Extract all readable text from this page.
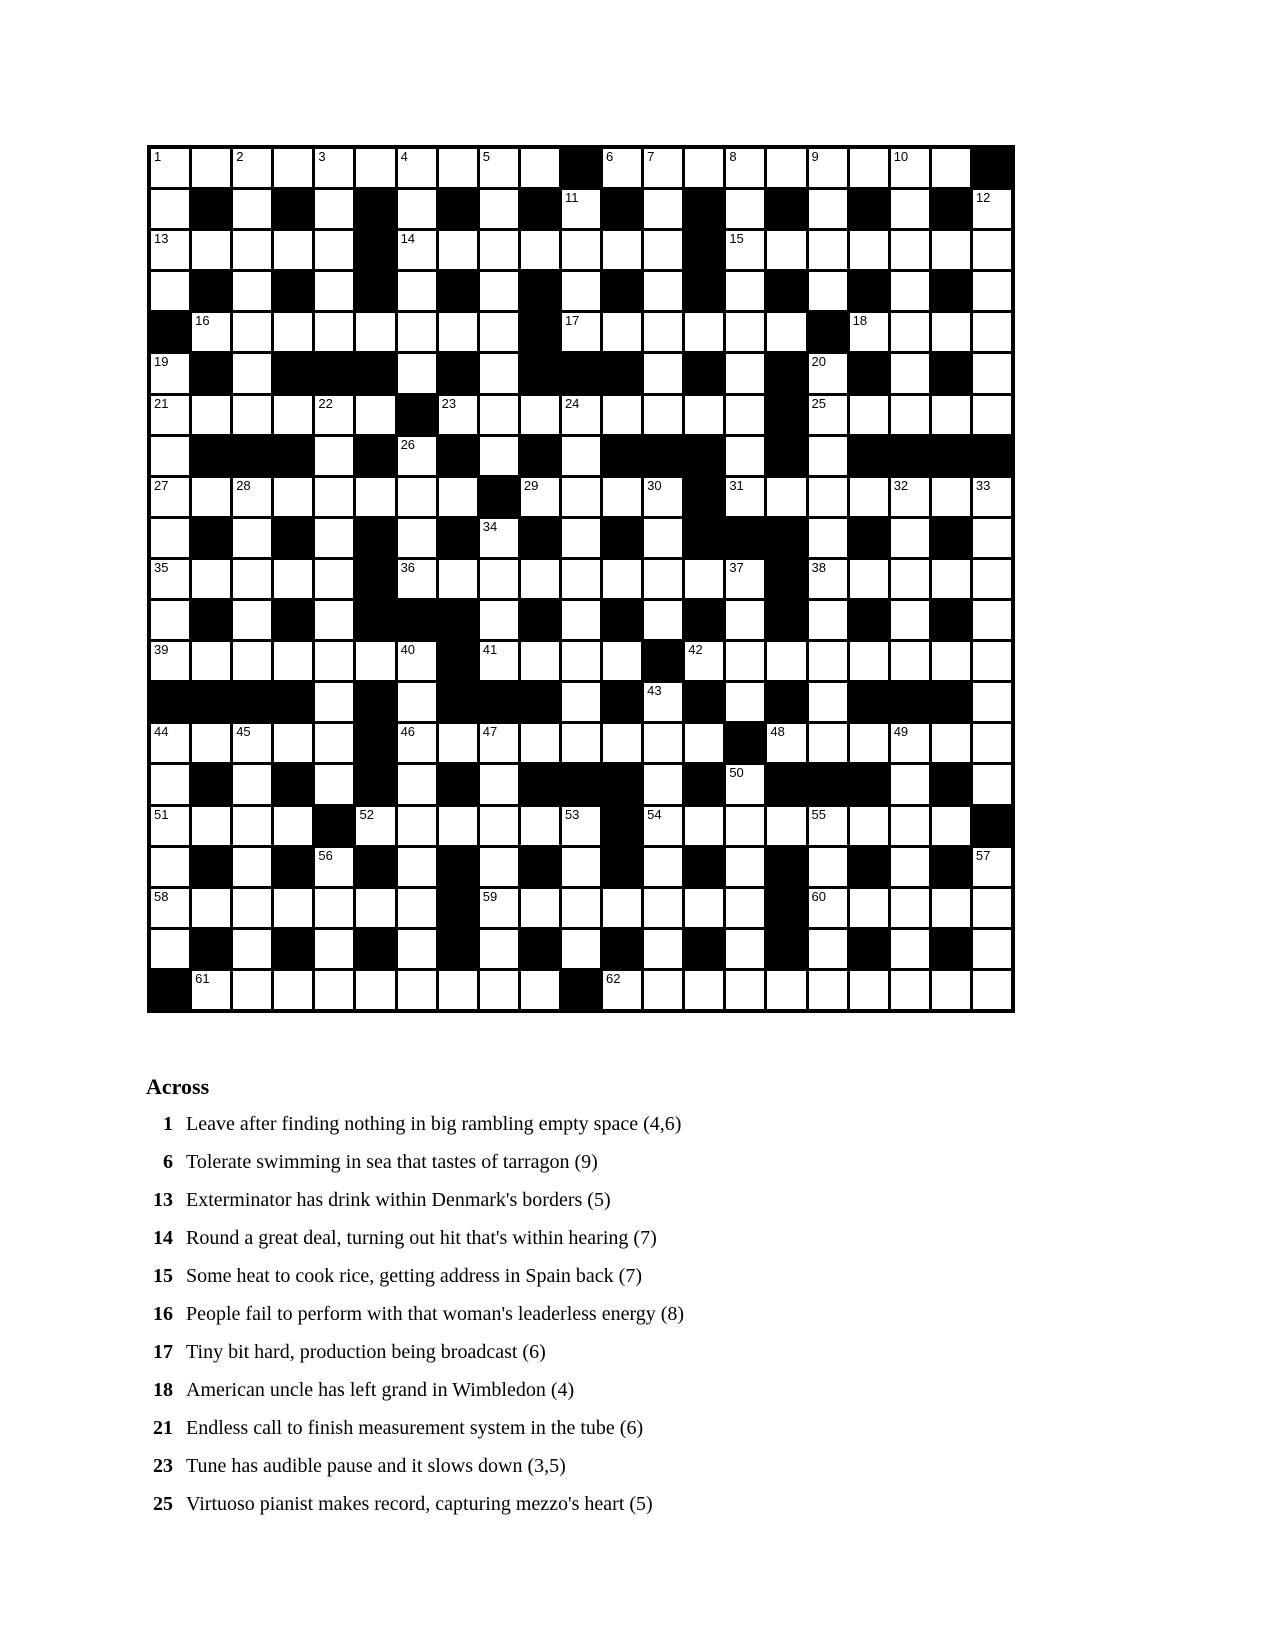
1	2	3	4	5	6	7	8	9	10
11	12
13	14	15
16	17	18
19	20
21	22	23	24	25
26
27	28	29	30	31	32	33
34
35	36	37	38
39	40	41	42
43
44	45	46	47	48	49
50
51	52	53	54	55
56	57
58	59	60
61	62
Across
1 Leave after finding nothing in big rambling empty space (4,6)
6 Tolerate swimming in sea that tastes of tarragon (9)
13 Exterminator has drink within Denmark's borders (5)
14 Round a great deal, turning out hit that's within hearing (7)
15 Some heat to cook rice, getting address in Spain back (7)
16 People fail to perform with that woman's leaderless energy (8)
17 Tiny bit hard, production being broadcast (6)
18 American uncle has left grand in Wimbledon (4)
21 Endless call to finish measurement system in the tube (6)
23 Tune has audible pause and it slows down (3,5)
25 Virtuoso pianist makes record, capturing mezzo's heart (5)
